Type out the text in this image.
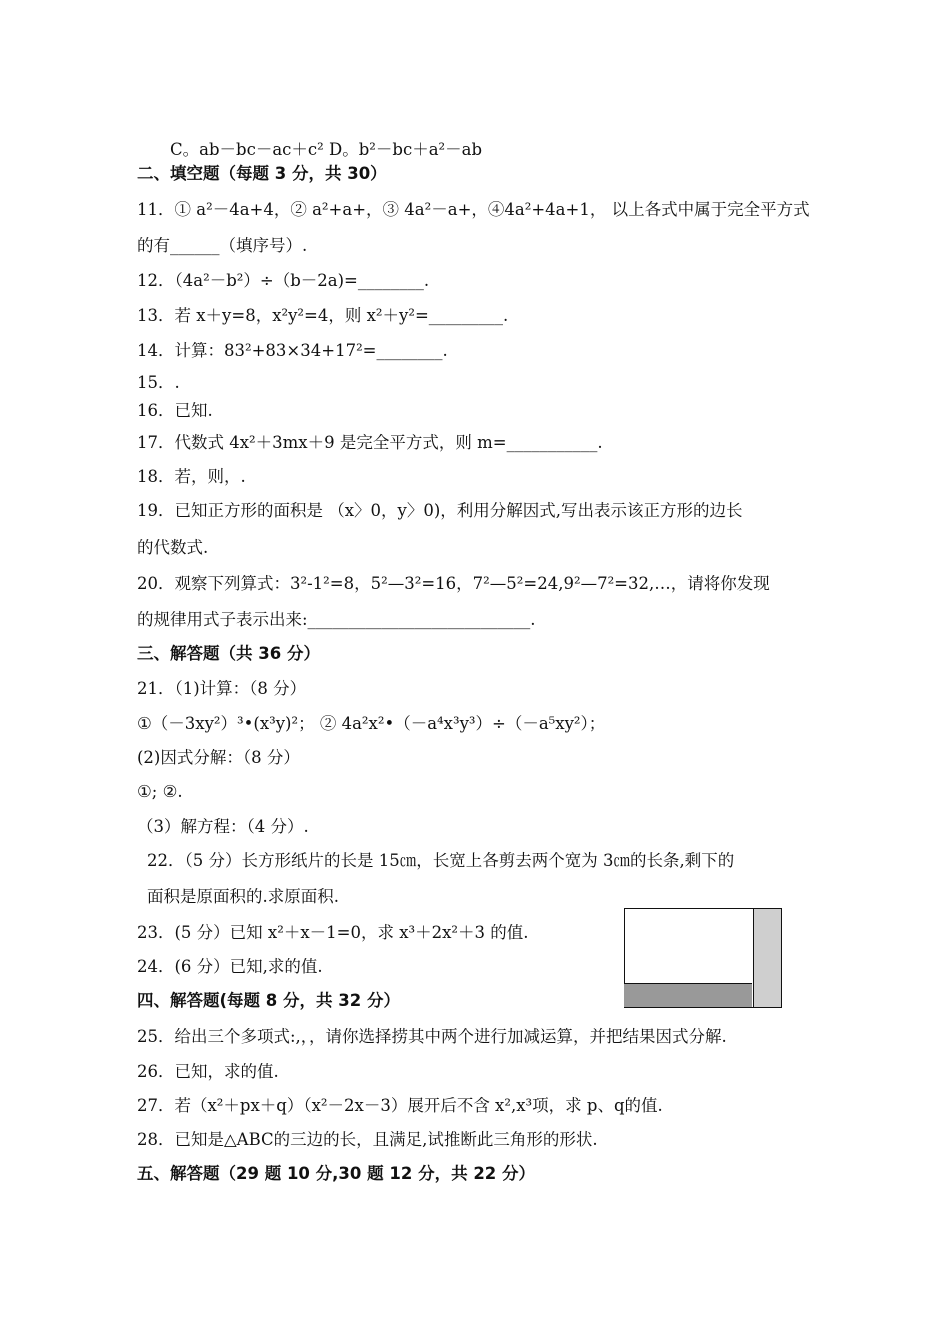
C。ab－bc－ac＋c² D。b²－bc＋a²－ab
二、填空题（每题 3 分，共 30）
11．① a²－4a+4，② a²+a+，③ 4a²－a+，④4a²+4a+1， 以上各式中属于完全平方式
的有______（填序号）.
12．（4a²－b²）÷（b－2a)=________.
13．若 x＋y=8，x²y²=4，则 x²＋y²=_________.
14．计算：83²+83×34+17²=________.
15．.
16．已知.
17．代数式 4x²＋3mx＋9 是完全平方式，则 m=___________.
18．若，则，.
19．已知正方形的面积是 （x〉0，y〉0)，利用分解因式,写出表示该正方形的边长
的代数式.
20．观察下列算式：3²-1²=8，5²—3²=16，7²—5²=24,9²—7²=32,…，请将你发现
的规律用式子表示出来:___________________________.
三、解答题（共 36 分）
21．（1)计算：（8 分）
①（－3xy²）³•(x³y)²； ② 4a²x²•（－a⁴x³y³）÷（－a⁵xy²）；
(2)因式分解：（8 分）
①; ②.
（3）解方程：（4 分）.
22．（5 分）长方形纸片的长是 15㎝，长宽上各剪去两个宽为 3㎝的长条,剩下的
面积是原面积的.求原面积.
23．(5 分）已知 x²＋x－1=0，求 x³＋2x²＋3 的值.
24．(6 分）已知,求的值.
四、解答题(每题 8 分，共 32 分）
25．给出三个多项式:,，，请你选择捞其中两个进行加减运算，并把结果因式分解.
26．已知，求的值.
27．若（x²＋px＋q）（x²－2x－3）展开后不含 x²,x³项，求 p、q的值.
28．已知是△ABC的三边的长，且满足,试推断此三角形的形状.
五、解答题（29 题 10 分,30 题 12 分，共 22 分）
